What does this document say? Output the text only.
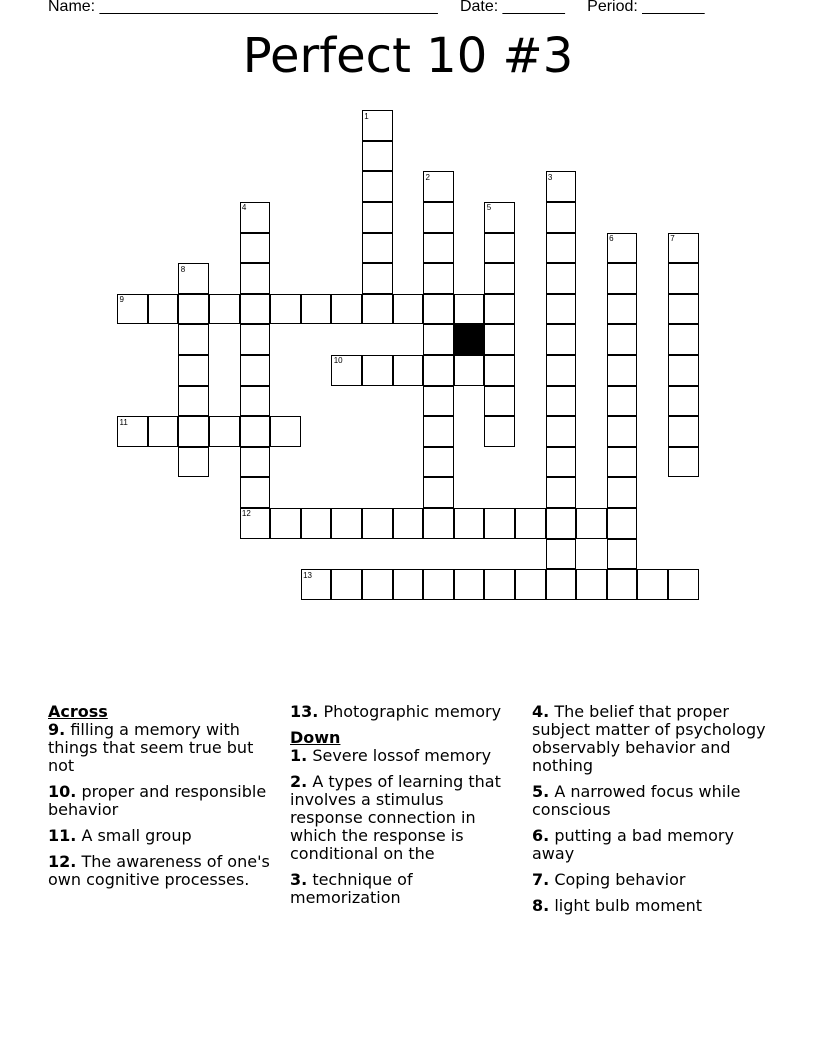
Name: ______________________________________     Date: _______     Period: _______
Perfect 10 #3
1
2	3
4	5
6	7
8
9
10
11
12
13
Across
9. filling a memory with things that seem true but not
10. proper and responsible behavior
11. A small group
12. The awareness of one's own cognitive processes.
13. Photographic memory
Down
1. Severe lossof memory
2. A types of learning that involves a stimulus response connection in which the response is conditional on the
3. technique of memorization
4. The belief that proper subject matter of psychology observably behavior and nothing
5. A narrowed focus while conscious
6. putting a bad memory away
7. Coping behavior
8. light bulb moment
